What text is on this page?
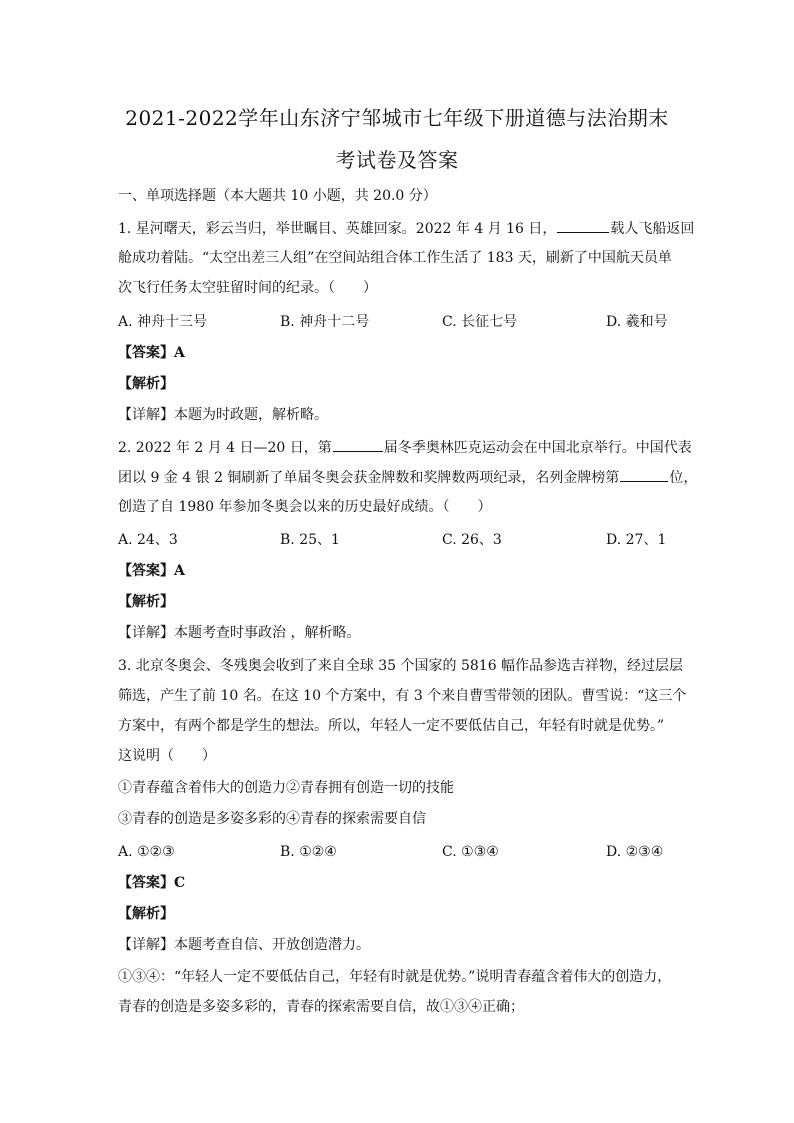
2021-2022学年山东济宁邹城市七年级下册道德与法治期末
考试卷及答案
一、单项选择题（本大题共 10 小题，共 20.0 分）
1. 星河曙天，彩云当归，举世瞩目、英雄回家。2022 年 4 月 16 日，	载人飞船返回
舱成功着陆。“太空出差三人组”在空间站组合体工作生活了 183 天，刷新了中国航天员单
次飞行任务太空驻留时间的纪录。（　　）
A. 神舟十三号	B. 神舟十二号	C. 长征七号	D. 羲和号
【答案】A
【解析】
【详解】本题为时政题，解析略。
2. 2022 年 2 月 4 日—20 日，第	届冬季奥林匹克运动会在中国北京举行。中国代表
团以 9 金 4 银 2 铜刷新了单届冬奥会获金牌数和奖牌数两项纪录，名列金牌榜第	位，
创造了自 1980 年参加冬奥会以来的历史最好成绩。（　　）
A. 24、3	B. 25、1	C. 26、3	D. 27、1
【答案】A
【解析】
【详解】本题考查时事政治 ，解析略。
3. 北京冬奥会、冬残奥会收到了来自全球 35 个国家的 5816 幅作品参选吉祥物，经过层层
筛选，产生了前 10 名。在这 10 个方案中，有 3 个来自曹雪带领的团队。曹雪说：“这三个
方案中，有两个都是学生的想法。所以，年轻人一定不要低估自己，年轻有时就是优势。”
这说明（　　）
①青春蕴含着伟大的创造力②青春拥有创造一切的技能
③青春的创造是多姿多彩的④青春的探索需要自信
A. ①②③	B. ①②④	C. ①③④	D. ②③④
【答案】C
【解析】
【详解】本题考查自信、开放创造潜力。
①③④：“年轻人一定不要低估自己，年轻有时就是优势。”说明青春蕴含着伟大的创造力，
青春的创造是多姿多彩的，青春的探索需要自信，故①③④正确；
